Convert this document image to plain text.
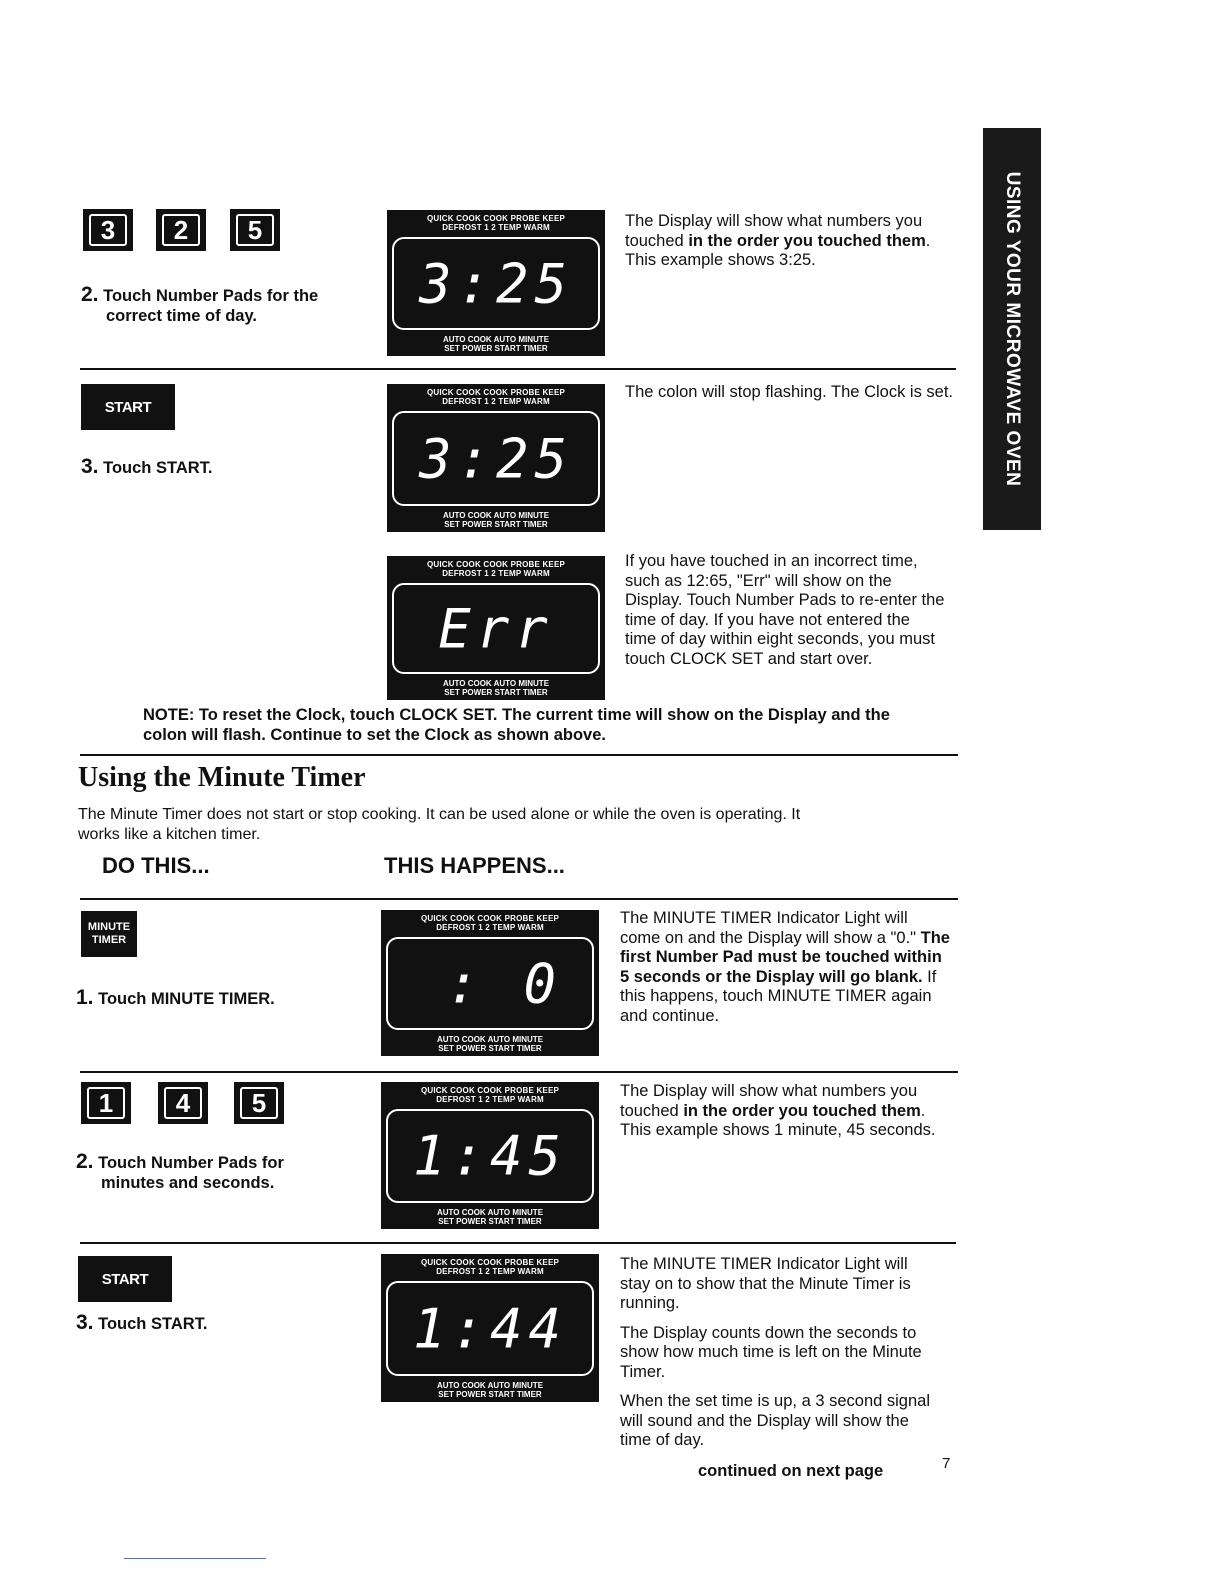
USING YOUR MICROWAVE OVEN
3	2	5
2. Touch Number Pads for the
correct time of day.
QUICK COOK COOK PROBE KEEP
DEFROST 1 2 TEMP WARM
3:25
AUTO COOK AUTO MINUTE
SET POWER START TIMER
The Display will show what numbers you touched in the order you touched them. This example shows 3:25.
START
3. Touch START.
QUICK COOK COOK PROBE KEEP
DEFROST 1 2 TEMP WARM
3:25
AUTO COOK AUTO MINUTE
SET POWER START TIMER
The colon will stop flashing. The Clock is set.
QUICK COOK COOK PROBE KEEP
DEFROST 1 2 TEMP WARM
Err
AUTO COOK AUTO MINUTE
SET POWER START TIMER
If you have touched in an incorrect time, such as 12:65, "Err" will show on the Display. Touch Number Pads to re-enter the time of day. If you have not entered the time of day within eight seconds, you must touch CLOCK SET and start over.
NOTE: To reset the Clock, touch CLOCK SET. The current time will show on the Display and the colon will flash. Continue to set the Clock as shown above.
Using the Minute Timer
The Minute Timer does not start or stop cooking. It can be used alone or while the oven is operating. It works like a kitchen timer.
DO THIS...	THIS HAPPENS...
MINUTE
TIMER
1. Touch MINUTE TIMER.
QUICK COOK COOK PROBE KEEP
DEFROST 1 2 TEMP WARM
: 0
AUTO COOK AUTO MINUTE
SET POWER START TIMER
The MINUTE TIMER Indicator Light will come on and the Display will show a "0." The first Number Pad must be touched within 5 seconds or the Display will go blank. If this happens, touch MINUTE TIMER again and continue.
1	4	5
2. Touch Number Pads for
minutes and seconds.
QUICK COOK COOK PROBE KEEP
DEFROST 1 2 TEMP WARM
1:45
AUTO COOK AUTO MINUTE
SET POWER START TIMER
The Display will show what numbers you touched in the order you touched them. This example shows 1 minute, 45 seconds.
START
3. Touch START.
QUICK COOK COOK PROBE KEEP
DEFROST 1 2 TEMP WARM
1:44
AUTO COOK AUTO MINUTE
SET POWER START TIMER

The MINUTE TIMER Indicator Light will stay on to show that the Minute Timer is running.

The Display counts down the seconds to show how much time is left on the Minute Timer.

When the set time is up, a 3 second signal will sound and the Display will show the time of day.

continued on next page	7
